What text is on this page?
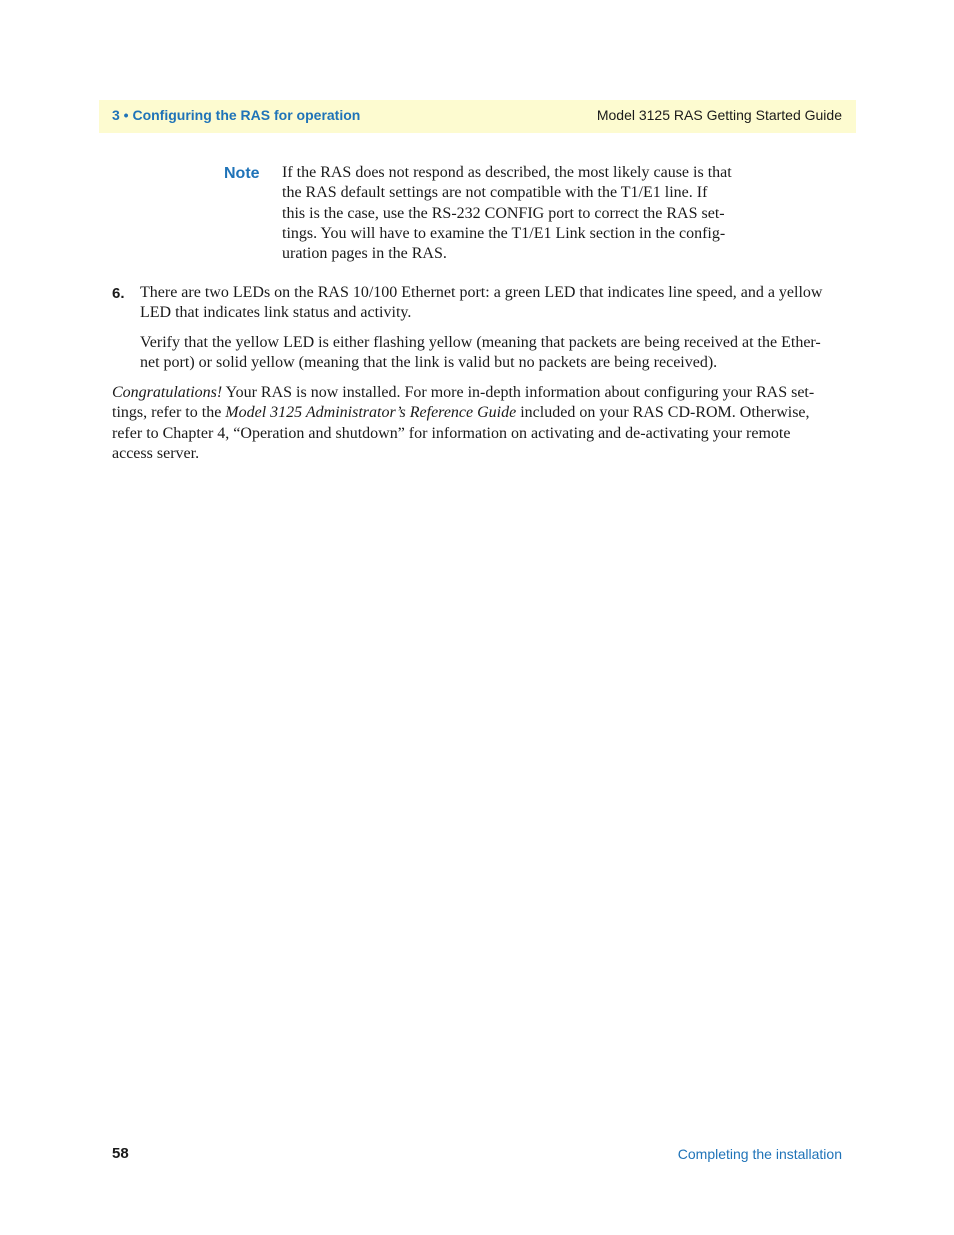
3 • Configuring the RAS for operation	Model 3125 RAS Getting Started Guide
Note If the RAS does not respond as described, the most likely cause is that
the RAS default settings are not compatible with the T1/E1 line. If
this is the case, use the RS-232 CONFIG port to correct the RAS set-
tings. You will have to examine the T1/E1 Link section in the config-
uration pages in the RAS.
6. There are two LEDs on the RAS 10/100 Ethernet port: a green LED that indicates line speed, and a yellow
LED that indicates link status and activity.
Verify that the yellow LED is either flashing yellow (meaning that packets are being received at the Ether-
net port) or solid yellow (meaning that the link is valid but no packets are being received).
Congratulations! Your RAS is now installed. For more in-depth information about configuring your RAS set-
tings, refer to the Model 3125 Administrator’s Reference Guide included on your RAS CD-ROM. Otherwise,
refer to Chapter 4, “Operation and shutdown” for information on activating and de-activating your remote
access server.
58	Completing the installation
